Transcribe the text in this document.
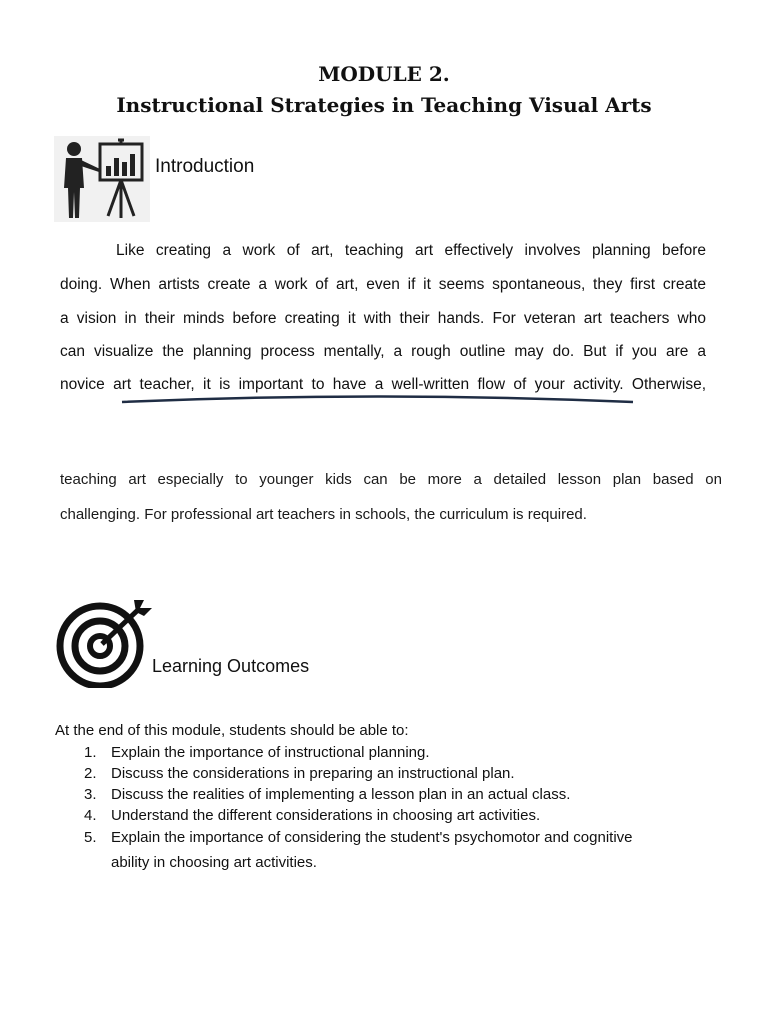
MODULE 2.
Instructional Strategies in Teaching Visual Arts
Introduction
Like creating a work of art, teaching art effectively involves planning before
doing. When artists create a work of art, even if it seems spontaneous, they first create
a vision in their minds before creating it with their hands. For veteran art teachers who
can visualize the planning process mentally, a rough outline may do. But if you are a
novice art teacher, it is important to have a well-written flow of your activity. Otherwise,
teaching art especially to younger kids can be more a detailed lesson plan based on
challenging. For professional art teachers in schools, the curriculum is required.
Learning Outcomes
At the end of this module, students should be able to:
1. Explain the importance of instructional planning.
2. Discuss the considerations in preparing an instructional plan.
3. Discuss the realities of implementing a lesson plan in an actual class.
4. Understand the different considerations in choosing art activities.
5. Explain the importance of considering the student's psychomotor and cognitive
ability in choosing art activities.
